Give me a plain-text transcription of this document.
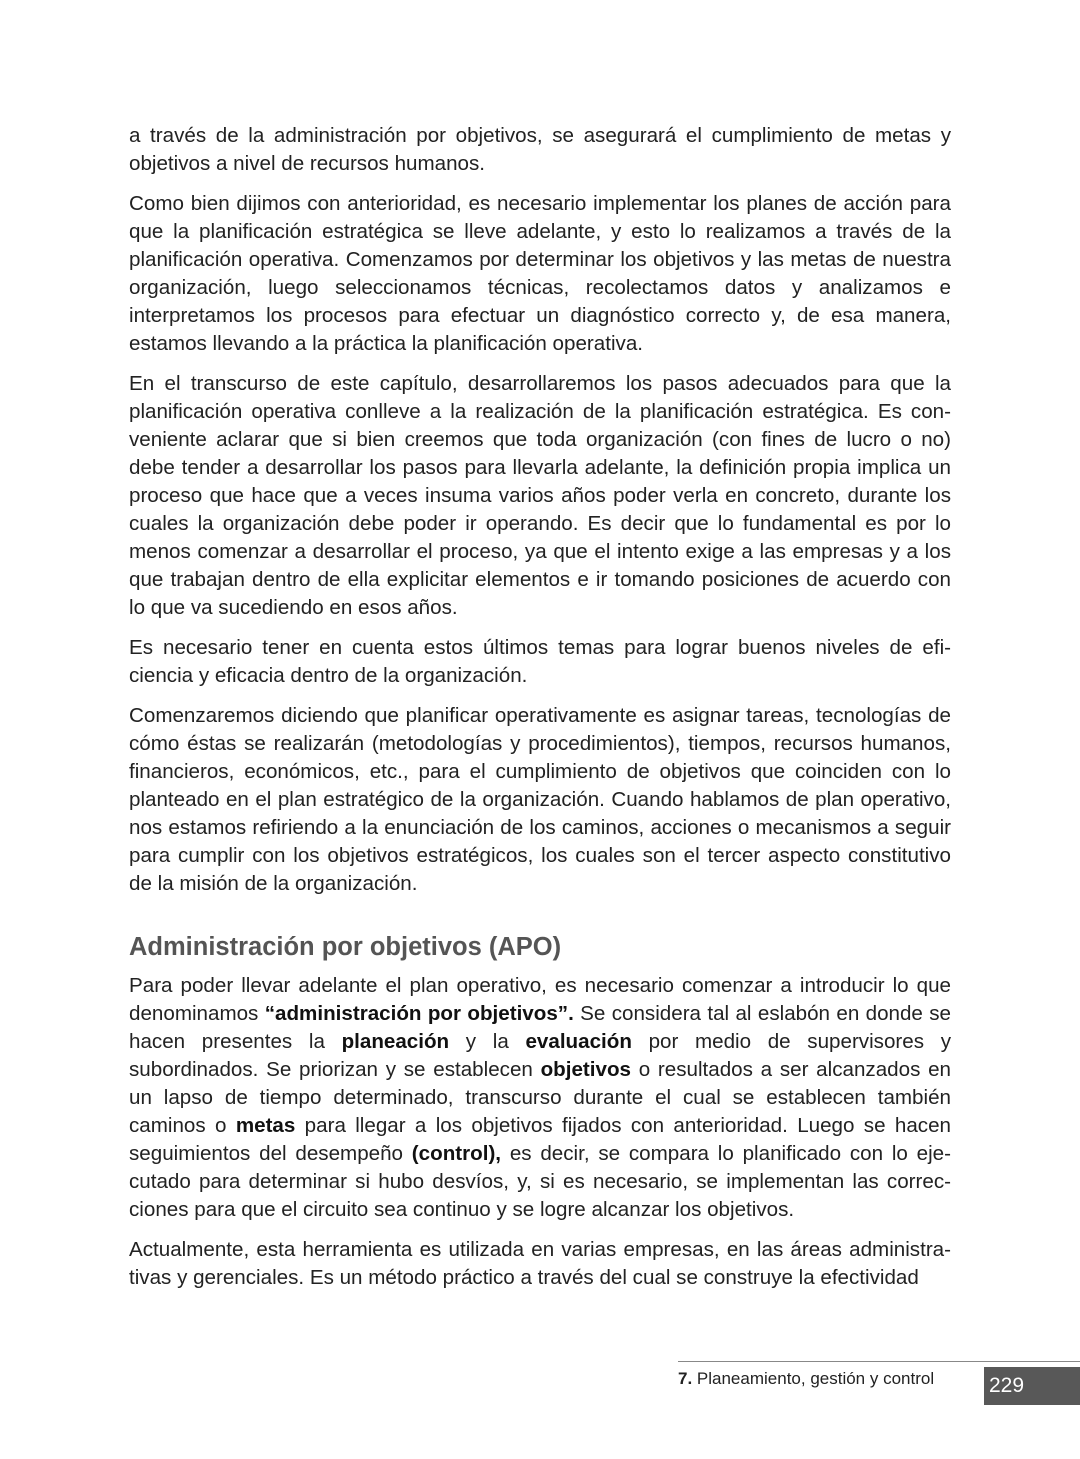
a través de la administración por objetivos, se asegurará el cumplimiento de metas y objetivos a nivel de recursos humanos.

Como bien dijimos con anterioridad, es necesario implementar los planes de acción para que la planificación estratégica se lleve adelante, y esto lo realizamos a través de la planificación operativa. Comenzamos por determinar los objetivos y las metas de nuestra organización, luego seleccionamos técnicas, recolectamos datos y analizamos e interpretamos los procesos para efectuar un diagnóstico correcto y, de esa manera, estamos llevando a la práctica la planificación operativa.

En el transcurso de este capítulo, desarrollaremos los pasos adecuados para que la planificación operativa conlleve a la realización de la planificación estratégica. Es conveniente aclarar que si bien creemos que toda organización (con fines de lucro o no) debe tender a desarrollar los pasos para llevarla adelante, la definición propia implica un proceso que hace que a veces insuma varios años poder verla en concreto, durante los cuales la organización debe poder ir operando. Es decir que lo fundamental es por lo menos comenzar a desarrollar el proceso, ya que el intento exige a las empresas y a los que trabajan dentro de ella explicitar elementos e ir tomando posiciones de acuerdo con lo que va sucediendo en esos años.

Es necesario tener en cuenta estos últimos temas para lograr buenos niveles de eficiencia y eficacia dentro de la organización.

Comenzaremos diciendo que planificar operativamente es asignar tareas, tecnologías de cómo éstas se realizarán (metodologías y procedimientos), tiempos, recursos humanos, financieros, económicos, etc., para el cumplimiento de objetivos que coinciden con lo planteado en el plan estratégico de la organización. Cuando hablamos de plan operativo, nos estamos refiriendo a la enunciación de los caminos, acciones o mecanismos a seguir para cumplir con los objetivos estratégicos, los cuales son el tercer aspecto constitutivo de la misión de la organización.

Administración por objetivos (APO)

Para poder llevar adelante el plan operativo, es necesario comenzar a introducir lo que denominamos “administración por objetivos”. Se considera tal al eslabón en donde se hacen presentes la planeación y la evaluación por medio de supervisores y subordinados. Se priorizan y se establecen objetivos o resultados a ser alcanzados en un lapso de tiempo determinado, transcurso durante el cual se establecen también caminos o metas para llegar a los objetivos fijados con anterioridad. Luego se hacen seguimientos del desempeño (control), es decir, se compara lo planificado con lo ejecutado para determinar si hubo desvíos, y, si es necesario, se implementan las correcciones para que el circuito sea continuo y se logre alcanzar los objetivos.

Actualmente, esta herramienta es utilizada en varias empresas, en las áreas administrativas y gerenciales. Es un método práctico a través del cual se construye la efectividad

7. Planeamiento, gestión y control	229
